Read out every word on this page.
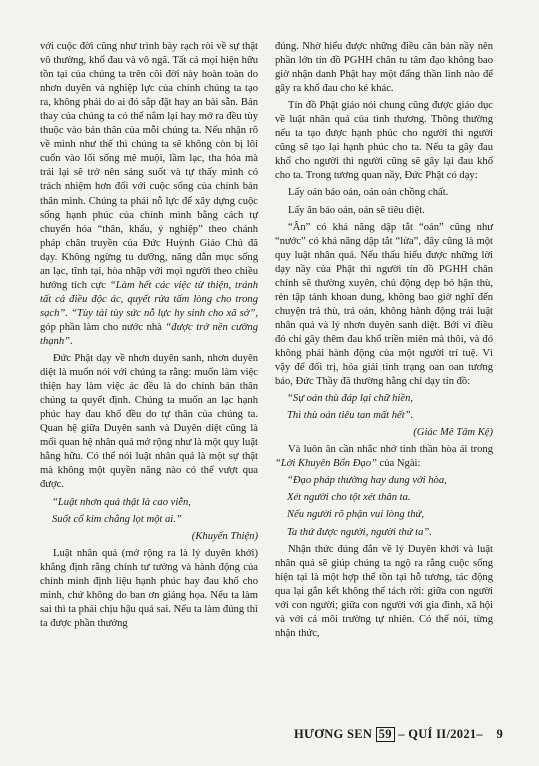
với cuộc đời cũng như trình bày rạch ròi về sự thật vô thường, khổ đau và vô ngã. Tất cả mọi hiện hữu tồn tại của chúng ta trên cõi đời này hoàn toàn do nhơn duyên và nghiệp lực của chính chúng ta tạo ra, không phải do ai đó sắp đặt hay an bài sẵn. Bản thay của chúng ta có thể nắm lại hay mở ra đều tùy thuộc vào bản thân của mỗi chúng ta. Nếu nhận rõ về mình như thế thì chúng ta sẽ không còn bị lôi cuốn vào lối sống mê muội, lầm lạc, tha hóa mà trái lại sẽ trở nên sáng suốt và tự thấy mình có trách nhiệm hơn đối với cuộc sống của chính bản thân mình. Chúng ta phải nỗ lực để xây dựng cuộc sống hạnh phúc của chính mình bằng cách tự chuyển hóa “thân, khẩu, ý nghiệp” theo chánh pháp chân truyền của Đức Huỳnh Giáo Chủ đã dạy. Không ngừng tu dưỡng, năng dẫn mục sống an lạc, tĩnh tại, hòa nhập với mọi người theo chiều hướng tích cực “Làm hết các việc từ thiện, tránh tất cả điều độc ác, quyết rửa tấm lòng cho trong sạch”. “Tùy tài tùy sức nỗ lực hy sinh cho xã sở”, góp phần làm cho nước nhà “được trở nên cường thạnh”.

Đức Phật dạy về nhơn duyên sanh, nhơn duyên diệt là muốn nói với chúng ta rằng: muốn làm việc thiện hay làm việc ác đều là do chính bản thân chúng ta quyết định. Chúng ta muốn an lạc hạnh phúc hay đau khổ đều do tự thân của chúng ta. Quan hệ giữa Duyên sanh và Duyên diệt cũng là mối quan hệ nhân quả mở rộng như là một quy luật hằng hữu. Có thể nói luật nhân quả là một sự thật mà không một quyền năng nào có thể vượt qua được.

“Luật nhơn quả thật là cao viễn,

Suốt cổ kim chẳng lọt một ai.”

(Khuyến Thiện)

Luật nhân quả (mở rộng ra là lý duyên khởi) khẳng định rằng chính tư tưởng và hành động của chính mình định liệu hạnh phúc hay đau khổ cho mình, chứ không do ban ơn giáng họa. Nếu ta làm sai thì ta phải chịu hậu quả sai. Nếu ta làm đúng thì ta được phần thưởng

đúng. Nhờ hiểu được những điều căn bản nầy nên phần lớn tín đồ PGHH chân tu tâm đạo không bao giờ nhận danh Phật hay một đấng thần linh nào để gây ra khổ đau cho kẻ khác.

Tín đồ Phật giáo nói chung cũng được giáo dục về luật nhân quả của tình thương. Thông thường nếu ta tạo được hạnh phúc cho người thì người cũng sẽ tạo lại hạnh phúc cho ta. Nếu ta gây đau khổ cho người thì người cũng sẽ gây lại đau khổ cho ta. Trong tương quan nầy, Đức Phật có dạy:

Lấy oán báo oán, oán oán chồng chất.

Lấy ân báo oán, oán sẽ tiêu diệt.

“Ân” có khả năng dập tắt “oán” cũng như “nước” có khả năng dập tắt “lửa”, đây cũng là một quy luật nhân quả. Nếu thấu hiểu được những lời dạy nầy của Phật thì người tín đồ PGHH chân chính sẽ thường xuyên, chủ động dẹp bỏ hận thù, rèn tập tánh khoan dung, không bao giờ nghĩ đến chuyện trả thù, trả oán, không hành động trái luật nhân quả và lý nhơn duyên sanh diệt. Bởi vì điều đó chỉ gây thêm đau khổ triền miên mà thôi, và đó không phải hành động của một người trí tuệ. Vì vậy để đối trị, hóa giải tình trạng oan oan tương báo, Đức Thầy đã thường hằng chỉ dạy tín đồ:

“Sự oán thù đáp lại chữ hiền,

Thì thù oán tiêu tan mất hết”.

(Giác Mê Tâm Kệ)

Và luôn ân cần nhắc nhở tinh thần hòa ái trong “Lời Khuyên Bổn Đạo” của Ngài:

“Đạo pháp thường hay dung với hòa,

Xét người cho tột xét thân ta.

Nếu người rõ phận vui lòng thứ,

Ta thứ được người, người thứ ta”.

Nhận thức đúng đắn về lý Duyên khởi và luật nhân quả sẽ giúp chúng ta ngộ ra rằng cuộc sống hiện tại là một hợp thể tồn tại hỗ tương, tác động qua lại gắn kết không thể tách rời: giữa con người với con người; giữa con người với gia đình, xã hội và với cả môi trường tự nhiên. Có thể nói, từng nhận thức,

HƯƠNG SEN 59 – QUÍ II/2021– 9
